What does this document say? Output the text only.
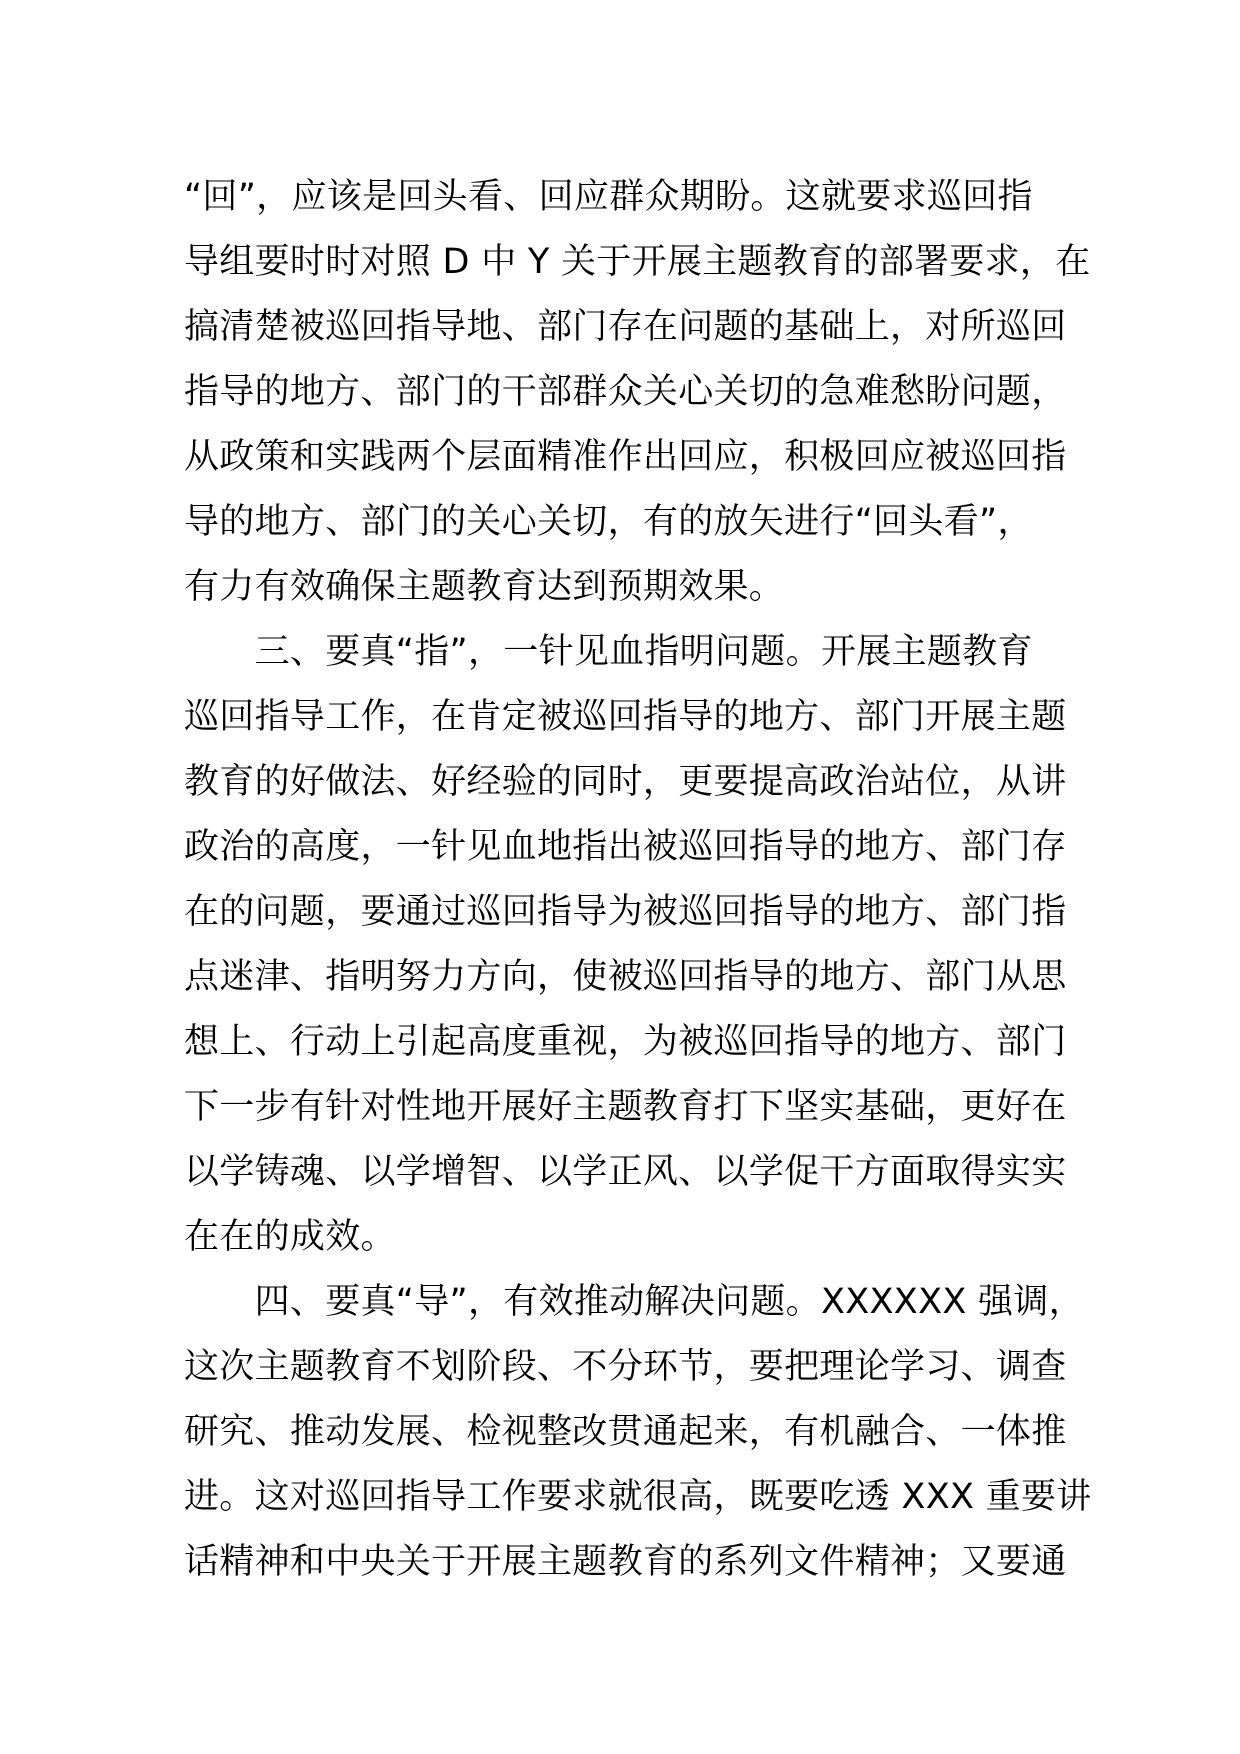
“回”，应该是回头看、回应群众期盼。这就要求巡回指
导组要时时对照 D 中 Y 关于开展主题教育的部署要求，在
搞清楚被巡回指导地、部门存在问题的基础上，对所巡回
指导的地方、部门的干部群众关心关切的急难愁盼问题，
从政策和实践两个层面精准作出回应，积极回应被巡回指
导的地方、部门的关心关切，有的放矢进行“回头看”，
有力有效确保主题教育达到预期效果。
　　三、要真“指”，一针见血指明问题。开展主题教育
巡回指导工作，在肯定被巡回指导的地方、部门开展主题
教育的好做法、好经验的同时，更要提高政治站位，从讲
政治的高度，一针见血地指出被巡回指导的地方、部门存
在的问题，要通过巡回指导为被巡回指导的地方、部门指
点迷津、指明努力方向，使被巡回指导的地方、部门从思
想上、行动上引起高度重视，为被巡回指导的地方、部门
下一步有针对性地开展好主题教育打下坚实基础，更好在
以学铸魂、以学增智、以学正风、以学促干方面取得实实
在在的成效。
　　四、要真“导”，有效推动解决问题。XXXXXX 强调，
这次主题教育不划阶段、不分环节，要把理论学习、调查
研究、推动发展、检视整改贯通起来，有机融合、一体推
进。这对巡回指导工作要求就很高，既要吃透 XXX 重要讲
话精神和中央关于开展主题教育的系列文件精神；又要通
